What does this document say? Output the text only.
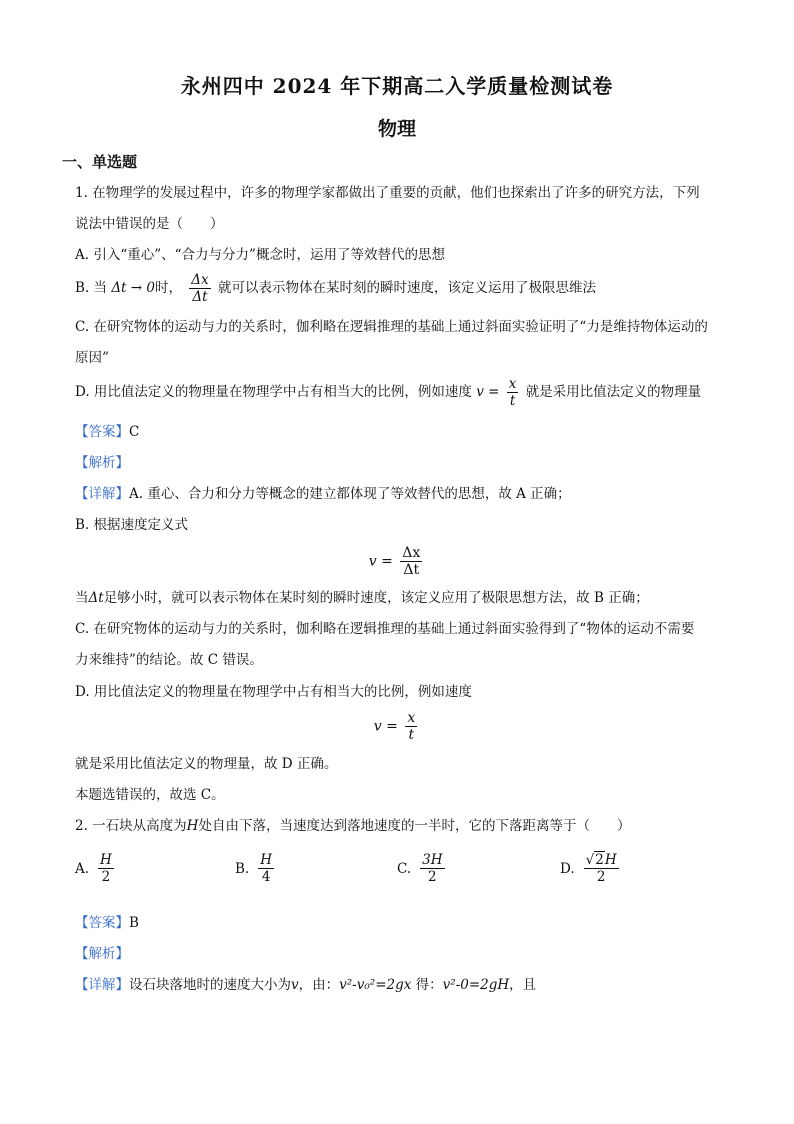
永州四中 2024 年下期高二入学质量检测试卷
物理
一、单选题
1. 在物理学的发展过程中，许多的物理学家都做出了重要的贡献，他们也探索出了许多的研究方法，下列
说法中错误的是（　　）
A. 引入“重心”、“合力与分力”概念时，运用了等效替代的思想
B. 当 Δt → 0时， $\frac{\Delta x}{\Delta t}$ 就可以表示物体在某时刻的瞬时速度，该定义运用了极限思维法
C. 在研究物体的运动与力的关系时，伽利略在逻辑推理的基础上通过斜面实验证明了“力是维持物体运动的
原因”
D. 用比值法定义的物理量在物理学中占有相当大的比例，例如速度 $v = \frac{x}{t}$ 就是采用比值法定义的物理量
【答案】C
【解析】
【详解】A. 重心、合力和分力等概念的建立都体现了等效替代的思想，故 A 正确；
B. 根据速度定义式
$v = \frac{\Delta x}{\Delta t}$
当Δt足够小时，就可以表示物体在某时刻的瞬时速度，该定义应用了极限思想方法，故 B 正确；
C. 在研究物体的运动与力的关系时，伽利略在逻辑推理的基础上通过斜面实验得到了“物体的运动不需要
力来维持”的结论。故 C 错误。
D. 用比值法定义的物理量在物理学中占有相当大的比例，例如速度
$v = \frac{x}{t}$
就是采用比值法定义的物理量，故 D 正确。
本题选错误的，故选 C。
2. 一石块从高度为H处自由下落，当速度达到落地速度的一半时，它的下落距离等于（　　）
A. $\frac{H}{2}$	B. $\frac{H}{4}$	C. $\frac{3H}{2}$	D. $\frac{√2H}{2}$
【答案】B
【解析】
【详解】设石块落地时的速度大小为v，由：v²-v₀²=2gx 得：v²-0=2gH，且
